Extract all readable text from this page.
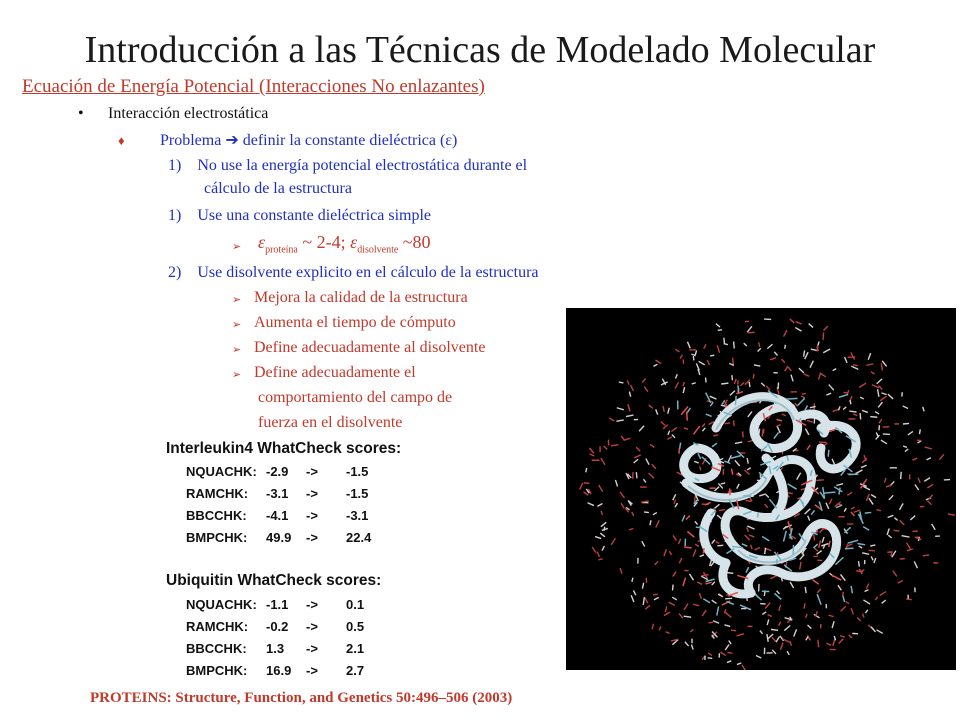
Introducción a las Técnicas de Modelado Molecular
Ecuación de Energía Potencial (Interacciones No enlazantes)
• Interacción electrostática
♦ Problema ➔ definir la constante dieléctrica (ε)
1) No use la energía potencial electrostática durante el
cálculo de la estructura
1) Use una constante dieléctrica simple
➢ $\varepsilon_{proteína}$ ~ 2-4; $\varepsilon_{disolvente}$ ~80
2) Use disolvente explicito en el cálculo de la estructura
➢ Mejora la calidad de la estructura
➢ Aumenta el tiempo de cómputo
➢ Define adecuadamente al disolvente
➢ Define adecuadamente el
comportamiento del campo de
fuerza en el disolvente
Interleukin4 WhatCheck scores:
NQUACHK: -2.9 -> -1.5
RAMCHK: -3.1 -> -1.5
BBCCHK: -4.1 -> -3.1
BMPCHK: 49.9 -> 22.4
Ubiquitin WhatCheck scores:
NQUACHK: -1.1 -> 0.1
RAMCHK: -0.2 -> 0.5
BBCCHK: 1.3 -> 2.1
BMPCHK: 16.9 -> 2.7
PROTEINS: Structure, Function, and Genetics 50:496–506 (2003)
